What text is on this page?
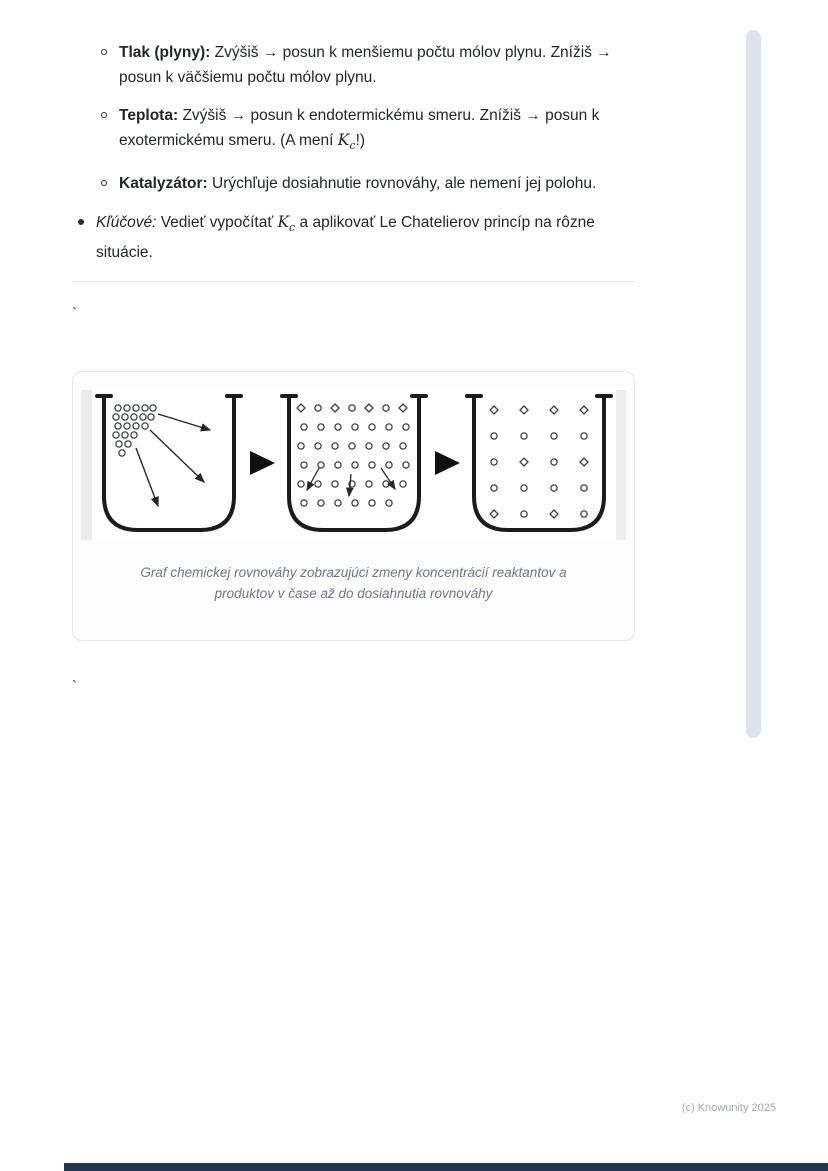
Tlak (plyny): Zvýšiš → posun k menšiemu počtu mólov plynu. Znížiš → posun k väčšiemu počtu mólov plynu.
Teplota: Zvýšiš → posun k endotermickému smeru. Znížiš → posun k exotermickému smeru. (A mení $K_c$!)
Katalyzátor: Urýchľuje dosiahnutie rovnováhy, ale nemení jej polohu.
Kľúčové: Vedieť vypočítať $K_c$ a aplikovať Le Chatelierov princíp na rôzne situácie.
`
Graf chemickej rovnováhy zobrazujúci zmeny koncentrácií reaktantov a produktov v čase až do dosiahnutia rovnováhy
`
(c) Knowunity 2025
